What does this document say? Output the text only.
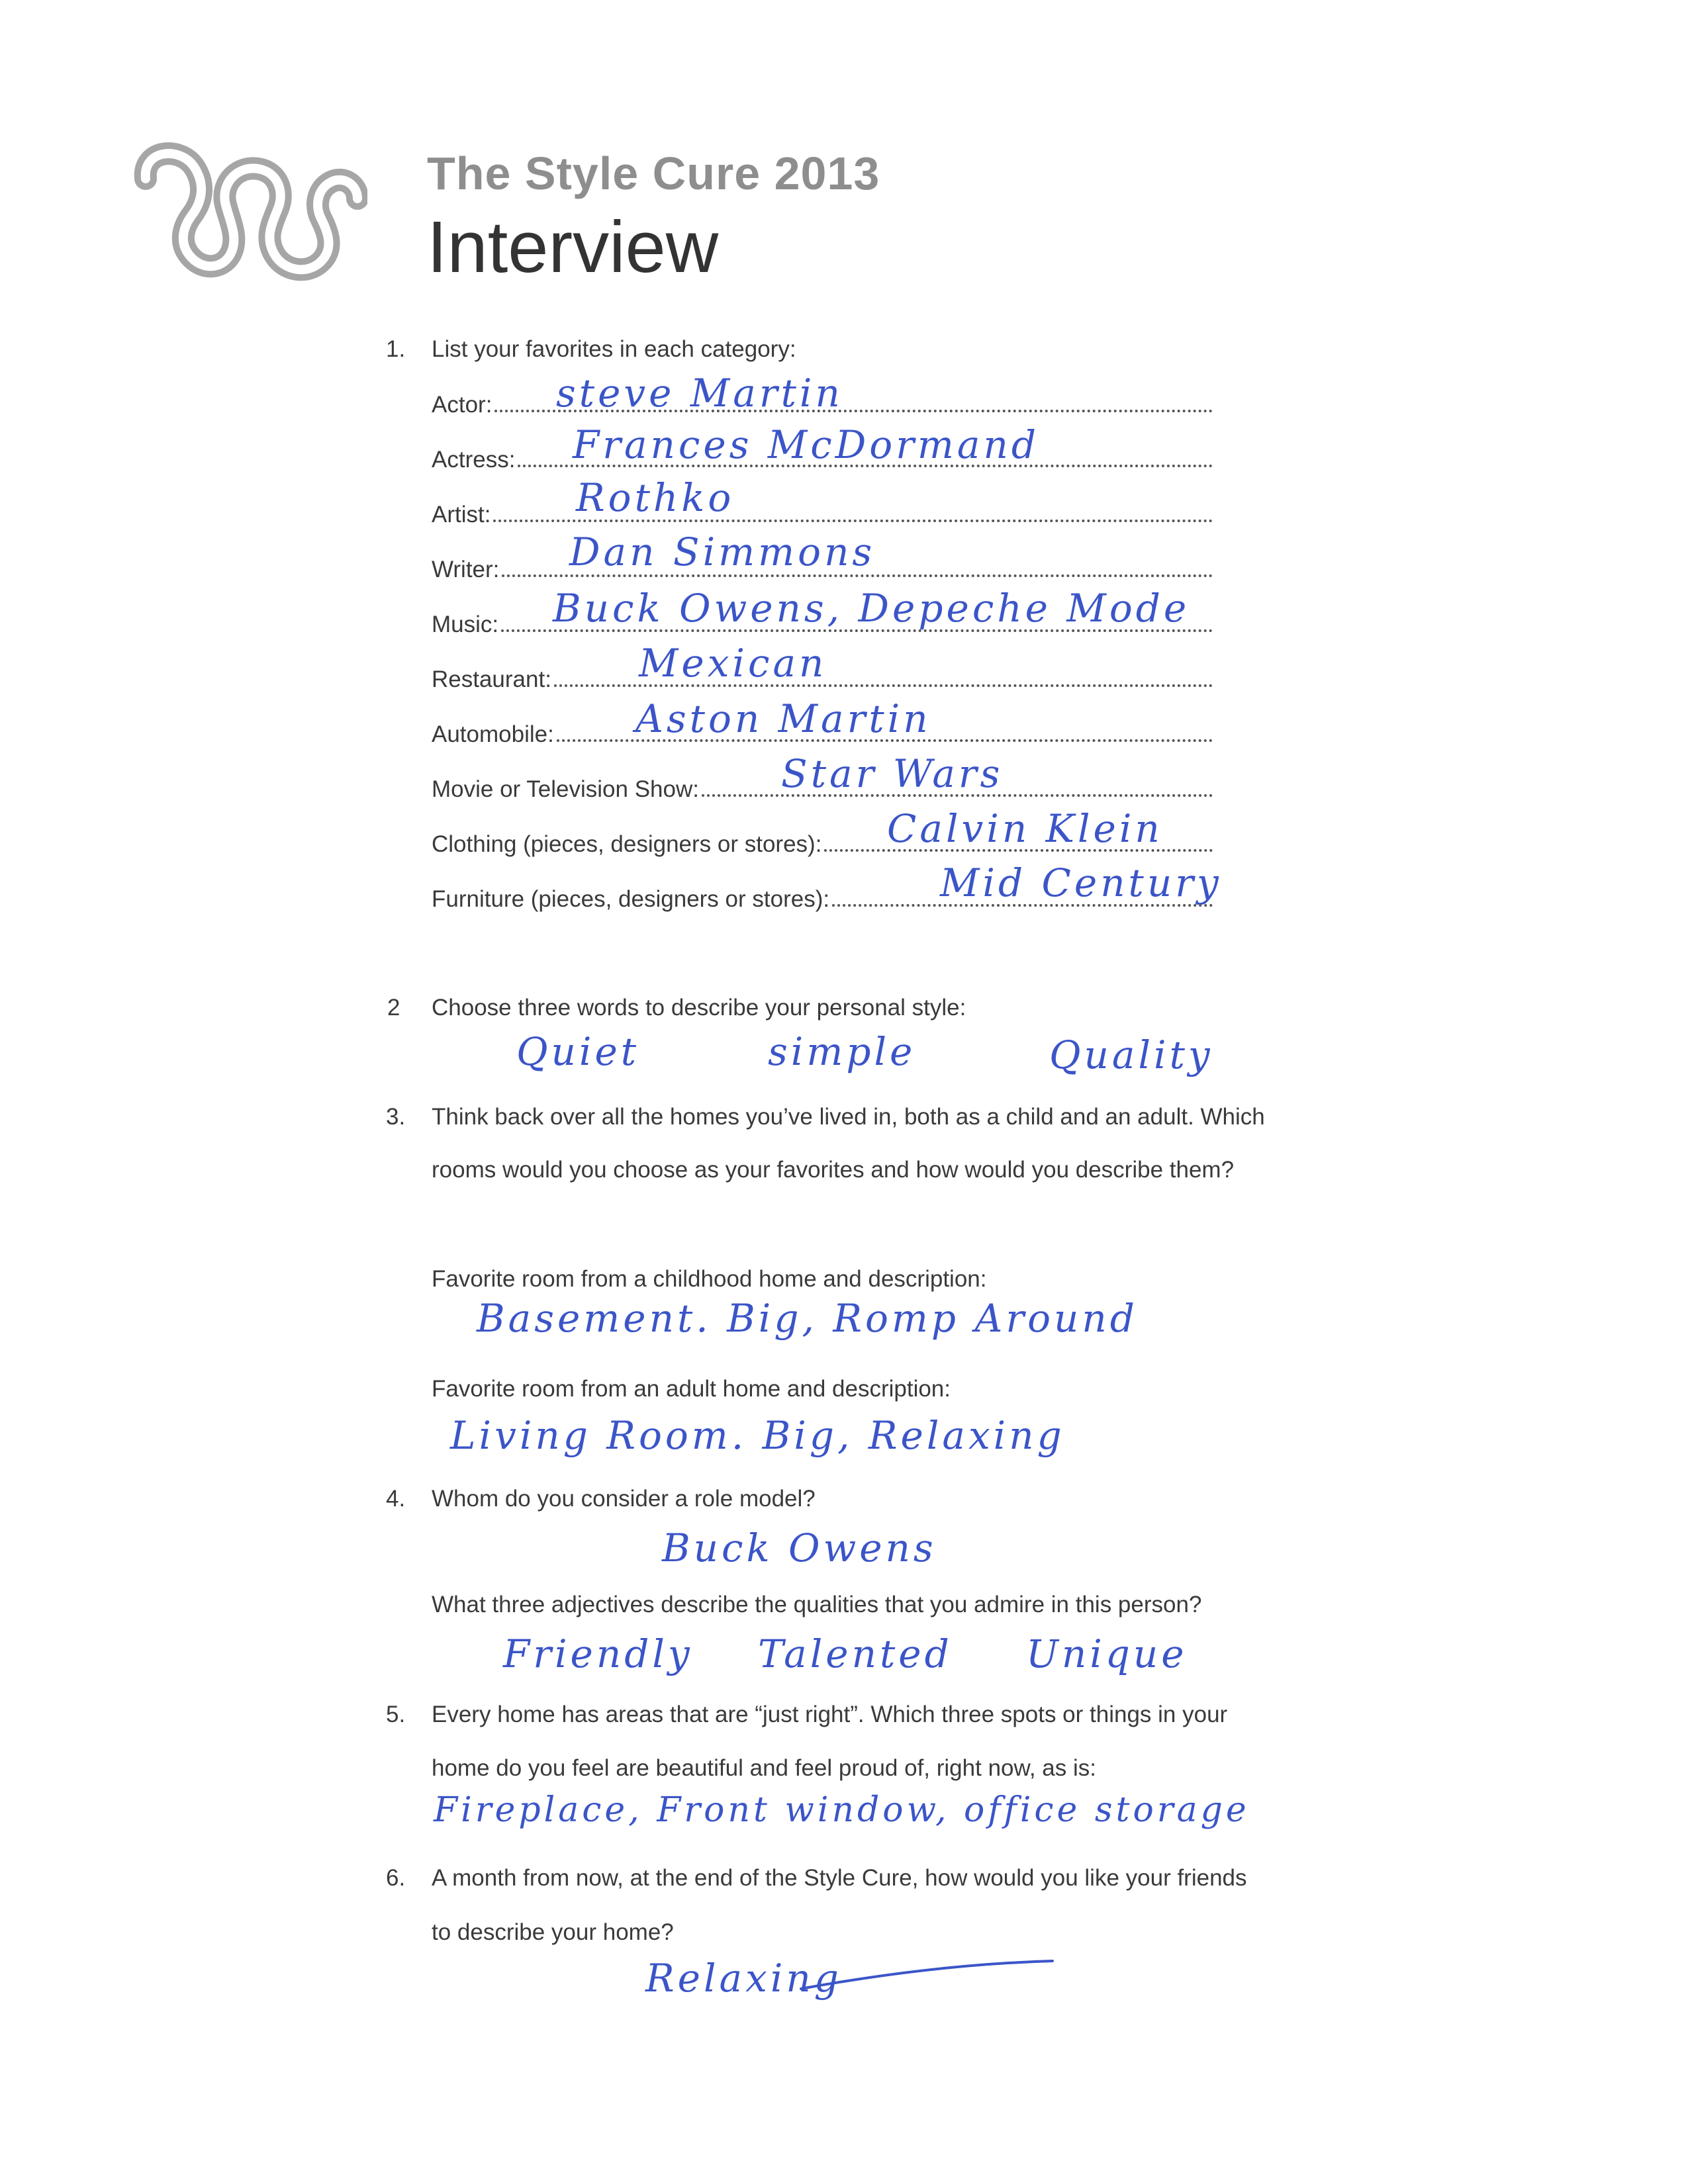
The Style Cure 2013
Interview
1. List your favorites in each category:
Actor:
Actress:
Artist:
Writer:
Music:
Restaurant:
Automobile:
Movie or Television Show:
Clothing (pieces, designers or stores):
Furniture (pieces, designers or stores):
steve Martin
Frances McDormand
Rothko
Dan Simmons
Buck Owens, Depeche Mode
Mexican
Aston Martin
Star Wars
Calvin Klein
Mid Century
2 Choose three words to describe your personal style:
Quiet	simple	Quality
3. Think back over all the homes you’ve lived in, both as a child and an adult. Which
rooms would you choose as your favorites and how would you describe them?
Favorite room from a childhood home and description:
Basement. Big, Romp Around
Favorite room from an adult home and description:
Living Room. Big, Relaxing
4. Whom do you consider a role model?
Buck Owens
What three adjectives describe the qualities that you admire in this person?
Friendly Talented Unique
5. Every home has areas that are “just right”. Which three spots or things in your
home do you feel are beautiful and feel proud of, right now, as is:
Fireplace, Front window, office storage
6. A month from now, at the end of the Style Cure, how would you like your friends
to describe your home?
Relaxing
